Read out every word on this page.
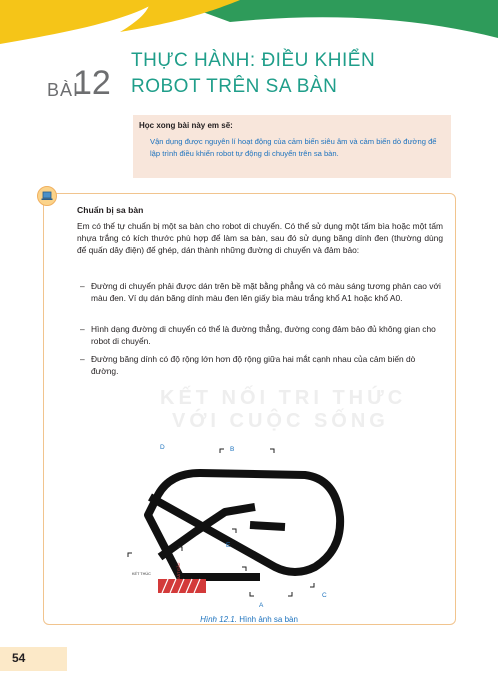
BÀI
12
THỰC HÀNH: ĐIỀU KHIỂN
ROBOT TRÊN SA BÀN
Học xong bài này em sẽ:
Vận dụng được nguyên lí hoạt động của cảm biến siêu âm và cảm biến dò đường để lập trình điều khiển robot tự động di chuyển trên sa bàn.
Chuẩn bị sa bàn
Em có thể tự chuẩn bị một sa bàn cho robot di chuyển. Có thể sử dụng một tấm bìa hoặc một tấm nhựa trắng có kích thước phù hợp để làm sa bàn, sau đó sử dụng băng dính đen (thường dùng để quấn dây điện) để ghép, dán thành những đường di chuyển và đảm bảo:
– Đường di chuyển phải được dán trên bề mặt bằng phẳng và có màu sáng tương phản cao với màu đen. Ví dụ dán băng dính màu đen lên giấy bìa màu trắng khổ A1 hoặc khổ A0.
– Hình dạng đường di chuyển có thể là đường thẳng, đường cong đảm bảo đủ không gian cho robot di chuyển.
– Đường băng dính có độ rộng lớn hơn độ rộng giữa hai mắt cạnh nhau của cảm biến dò đường.
KẾT NỐI TRI THỨC
VỚI CUỘC SỐNG
B
D
E
A
C
KẾT THÚC	BẮT ĐẦU
Hình 12.1. Hình ảnh sa bàn
54
